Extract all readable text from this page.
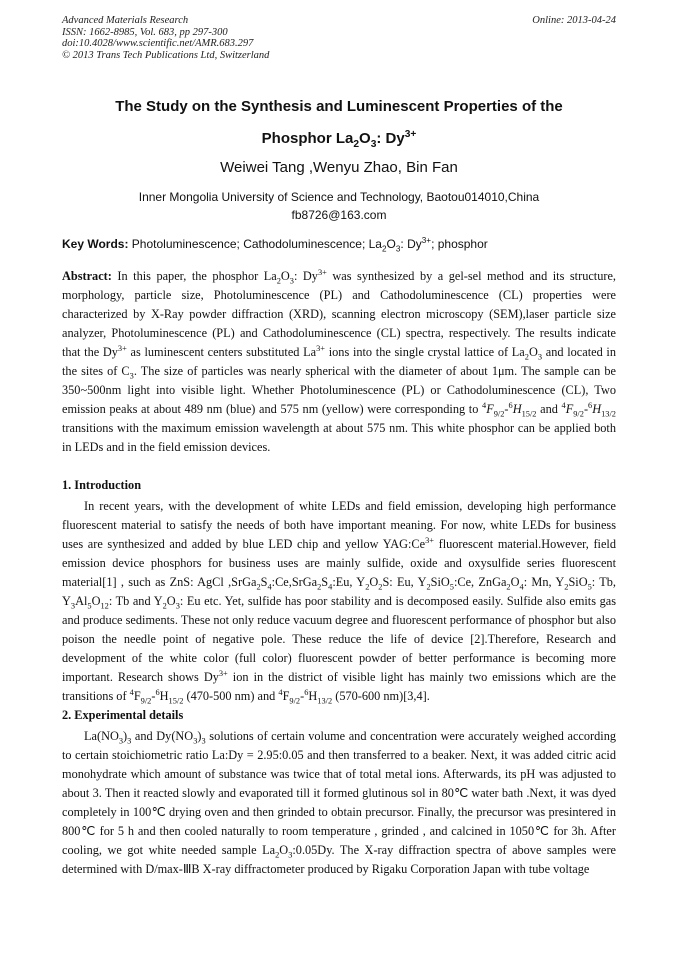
Advanced Materials Research
ISSN: 1662-8985, Vol. 683, pp 297-300
doi:10.4028/www.scientific.net/AMR.683.297
© 2013 Trans Tech Publications Ltd, Switzerland
Online: 2013-04-24
The Study on the Synthesis and Luminescent Properties of the
Phosphor $La_2O_3$: $Dy^{3+}$
Weiwei Tang ,Wenyu Zhao, Bin Fan
Inner Mongolia University of Science and Technology, Baotou014010,China
fb8726@163.com
Key Words: Photoluminescence; Cathodoluminescence; $La_2O_3$: $Dy^{3+}$; phosphor
Abstract: In this paper, the phosphor $La_2O_3$: $Dy^{3+}$ was synthesized by a gel-sel method and its structure, morphology, particle size, Photoluminescence (PL) and Cathodoluminescence (CL) properties were characterized by X-Ray powder diffraction (XRD), scanning electron microscopy (SEM),laser particle size analyzer, Photoluminescence (PL) and Cathodoluminescence (CL) spectra, respectively. The results indicate that the $Dy^{3+}$ as luminescent centers substituted $La^{3+}$ ions into the single crystal lattice of $La_2O_3$ and located in the sites of $C_3$. The size of particles was nearly spherical with the diameter of about 1μm. The sample can be 350~500nm light into visible light. Whether Photoluminescence (PL) or Cathodoluminescence (CL), Two emission peaks at about 489 nm (blue) and 575 nm (yellow) were corresponding to $^4F_{9/2}-^6H_{15/2}$ and $^4F_{9/2}-^6H_{13/2}$ transitions with the maximum emission wavelength at about 575 nm. This white phosphor can be applied both in LEDs and in the field emission devices.
1. Introduction
In recent years, with the development of white LEDs and field emission, developing high performance fluorescent material to satisfy the needs of both have important meaning. For now, white LEDs for business uses are synthesized and added by blue LED chip and yellow $YAG:Ce^{3+}$ fluorescent material.However, field emission device phosphors for business uses are mainly sulfide, oxide and oxysulfide series fluorescent material[1] , such as ZnS: AgCl $,SrGa_2S_4:Ce,SrGa_2S_4:Eu$, $Y_2O_2S$: Eu, $Y_2SiO_5:Ce$, $ZnGa_2O_4$: Mn, $Y_2SiO_5$: Tb, $Y_3Al_5O_{12}$: Tb and $Y_2O_3$: Eu etc. Yet, sulfide has poor stability and is decomposed easily. Sulfide also emits gas and produce sediments. These not only reduce vacuum degree and fluorescent performance of phosphor but also poison the needle point of negative pole. These reduce the life of device [2].Therefore, Research and development of the white color (full color) fluorescent powder of better performance is becoming more important. Research shows $Dy^{3+}$ ion in the district of visible light has mainly two emissions which are the transitions of $^4F_{9/2}-^6H_{15/2}$ (470-500 nm) and $^4F_{9/2}-^6H_{13/2}$ (570-600 nm)[3,4].
2. Experimental details
$La(NO_3)_3$ and $Dy(NO_3)_3$ solutions of certain volume and concentration were accurately weighed according to certain stoichiometric ratio La:Dy = 2.95:0.05 and then transferred to a beaker. Next, it was added citric acid monohydrate which amount of substance was twice that of total metal ions. Afterwards, its pH was adjusted to about 3. Then it reacted slowly and evaporated till it formed glutinous sol in 80℃ water bath .Next, it was dyed completely in 100℃ drying oven and then grinded to obtain precursor. Finally, the precursor was presintered in 800℃ for 5 h and then cooled naturally to room temperature , grinded , and calcined in 1050℃ for 3h. After cooling, we got white needed sample $La_2O_3:0.05Dy$. The X-ray diffraction spectra of above samples were determined with D/max-ⅢB X-ray diffractometer produced by Rigaku Corporation Japan with tube voltage
